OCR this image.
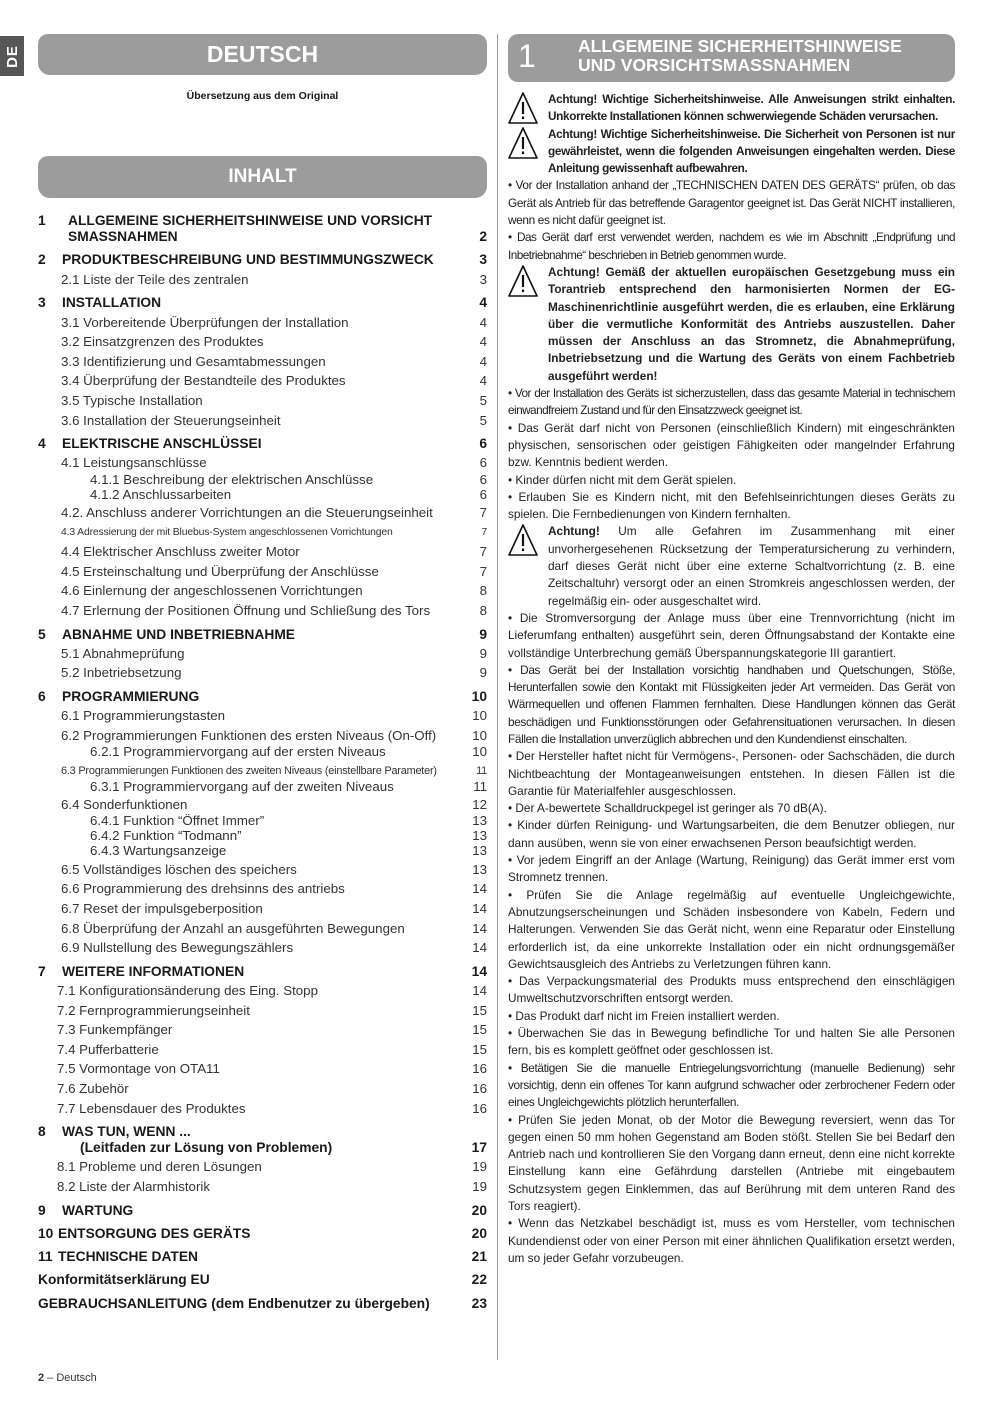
DE	DEUTSCH
Übersetzung aus dem Original
INHALT
1	ALLGEMEINE SICHERHEITSHINWEISE UND VORSICHT SMASSNAHMEN	2
2	PRODUKTBESCHREIBUNG UND BESTIMMUNGSZWECK	3
2.1 Liste der Teile des zentralen	3
3	INSTALLATION	4
3.1 Vorbereitende Überprüfungen der Installation	4
3.2 Einsatzgrenzen des Produktes	4
3.3 Identifizierung und Gesamtabmessungen	4
3.4 Überprüfung der Bestandteile des Produktes	4
3.5 Typische Installation	5
3.6 Installation der Steuerungseinheit	5
4	ELEKTRISCHE ANSCHLÜSSEI	6
4.1 Leistungsanschlüsse	6
4.1.1 Beschreibung der elektrischen Anschlüsse	6
4.1.2 Anschlussarbeiten	6
4.2. Anschluss anderer Vorrichtungen an die Steuerungseinheit	7
4.3 Adressierung der mit Bluebus-System angeschlossenen Vorrichtungen	7
4.4 Elektrischer Anschluss zweiter Motor	7
4.5 Ersteinschaltung und Überprüfung der Anschlüsse	7
4.6 Einlernung der angeschlossenen Vorrichtungen	8
4.7 Erlernung der Positionen Öffnung und Schließung des Tors	8
5	ABNAHME UND INBETRIEBNAHME	9
5.1 Abnahmeprüfung	9
5.2 Inbetriebsetzung	9
6	PROGRAMMIERUNG	10
6.1 Programmierungstasten	10
6.2 Programmierungen Funktionen des ersten Niveaus (On-Off)	10
6.2.1 Programmiervorgang auf der ersten Niveaus	10
6.3 Programmierungen Funktionen des zweiten Niveaus (einstellbare Parameter)	11
6.3.1 Programmiervorgang auf der zweiten Niveaus	11
6.4 Sonderfunktionen	12
6.4.1 Funktion “Öffnet Immer”	13
6.4.2 Funktion “Todmann”	13
6.4.3 Wartungsanzeige	13
6.5 Vollständiges löschen des speichers	13
6.6 Programmierung des drehsinns des antriebs	14
6.7 Reset der impulsgeberposition	14
6.8 Überprüfung der Anzahl an ausgeführten Bewegungen	14
6.9 Nullstellung des Bewegungszählers	14
7	WEITERE INFORMATIONEN	14
7.1 Konfigurationsänderung des Eing. Stopp	14
7.2 Fernprogrammierungseinheit	15
7.3 Funkempfänger	15
7.4 Pufferbatterie	15
7.5 Vormontage von OTA11	16
7.6 Zubehör	16
7.7 Lebensdauer des Produktes	16
8	WAS TUN, WENN ...
(Leitfaden zur Lösung von Problemen)	17
8.1 Probleme und deren Lösungen	19
8.2 Liste der Alarmhistorik	19
9	WARTUNG	20
10 ENTSORGUNG DES GERÄTS	20
11 TECHNISCHE DATEN	21
Konformitätserklärung EU	22
GEBRAUCHSANLEITUNG (dem Endbenutzer zu übergeben)	23
1 ALLGEMEINE SICHERHEITSHINWEISE
UND VORSICHTSMASSNAHMEN

Achtung! Wichtige Sicherheitshinweise. Alle Anweisungen strikt einhalten. Unkorrekte Installationen können schwerwiegende Schäden verursachen.

Achtung! Wichtige Sicherheitshinweise. Die Sicherheit von Personen ist nur gewährleistet, wenn die folgenden Anweisungen eingehalten werden. Diese Anleitung gewissenhaft aufbewahren.

• Vor der Installation anhand der „TECHNISCHEN DATEN DES GERÄTS“ prüfen, ob das Gerät als Antrieb für das betreffende Garagentor geeignet ist. Das Gerät NICHT installieren, wenn es nicht dafür geeignet ist.

• Das Gerät darf erst verwendet werden, nachdem es wie im Abschnitt „Endprüfung und Inbetriebnahme“ beschrieben in Betrieb genommen wurde.

Achtung! Gemäß der aktuellen europäischen Gesetzgebung muss ein Torantrieb entsprechend den harmonisierten Normen der EG-Maschinenrichtlinie ausgeführt werden, die es erlauben, eine Erklärung über die vermutliche Konformität des Antriebs auszustellen. Daher müssen der Anschluss an das Stromnetz, die Abnahmeprüfung, Inbetriebsetzung und die Wartung des Geräts von einem Fachbetrieb ausgeführt werden!

• Vor der Installation des Geräts ist sicherzustellen, dass das gesamte Material in technischem einwandfreiem Zustand und für den Einsatzzweck geeignet ist.

• Das Gerät darf nicht von Personen (einschließlich Kindern) mit eingeschränkten physischen, sensorischen oder geistigen Fähigkeiten oder mangelnder Erfahrung bzw. Kenntnis bedient werden.

• Kinder dürfen nicht mit dem Gerät spielen.

• Erlauben Sie es Kindern nicht, mit den Befehlseinrichtungen dieses Geräts zu spielen. Die Fernbedienungen von Kindern fernhalten.

Achtung! Um alle Gefahren im Zusammenhang mit einer unvorhergesehenen Rücksetzung der Temperatursicherung zu verhindern, darf dieses Gerät nicht über eine externe Schaltvorrichtung (z. B. eine Zeitschaltuhr) versorgt oder an einen Stromkreis angeschlossen werden, der regelmäßig ein- oder ausgeschaltet wird.

• Die Stromversorgung der Anlage muss über eine Trennvorrichtung (nicht im Lieferumfang enthalten) ausgeführt sein, deren Öffnungsabstand der Kontakte eine vollständige Unterbrechung gemäß Überspannungskategorie III garantiert.

• Das Gerät bei der Installation vorsichtig handhaben und Quetschungen, Stöße, Herunterfallen sowie den Kontakt mit Flüssigkeiten jeder Art vermeiden. Das Gerät von Wärmequellen und offenen Flammen fernhalten. Diese Handlungen können das Gerät beschädigen und Funktionsstörungen oder Gefahrensituationen verursachen. In diesen Fällen die Installation unverzüglich abbrechen und den Kundendienst einschalten.

• Der Hersteller haftet nicht für Vermögens-, Personen- oder Sachschäden, die durch Nichtbeachtung der Montageanweisungen entstehen. In diesen Fällen ist die Garantie für Materialfehler ausgeschlossen.

• Der A-bewertete Schalldruckpegel ist geringer als 70 dB(A).

• Kinder dürfen Reinigung- und Wartungsarbeiten, die dem Benutzer obliegen, nur dann ausüben, wenn sie von einer erwachsenen Person beaufsichtigt werden.

• Vor jedem Eingriff an der Anlage (Wartung, Reinigung) das Gerät immer erst vom Stromnetz trennen.

• Prüfen Sie die Anlage regelmäßig auf eventuelle Ungleichgewichte, Abnutzungserscheinungen und Schäden insbesondere von Kabeln, Federn und Halterungen. Verwenden Sie das Gerät nicht, wenn eine Reparatur oder Einstellung erforderlich ist, da eine unkorrekte Installation oder ein nicht ordnungsgemäßer Gewichtsausgleich des Antriebs zu Verletzungen führen kann.

• Das Verpackungsmaterial des Produkts muss entsprechend den einschlägigen Umweltschutzvorschriften entsorgt werden.

• Das Produkt darf nicht im Freien installiert werden.

• Überwachen Sie das in Bewegung befindliche Tor und halten Sie alle Personen fern, bis es komplett geöffnet oder geschlossen ist.

• Betätigen Sie die manuelle Entriegelungsvorrichtung (manuelle Bedienung) sehr vorsichtig, denn ein offenes Tor kann aufgrund schwacher oder zerbrochener Federn oder eines Ungleichgewichts plötzlich herunterfallen.

• Prüfen Sie jeden Monat, ob der Motor die Bewegung reversiert, wenn das Tor gegen einen 50 mm hohen Gegenstand am Boden stößt. Stellen Sie bei Bedarf den Antrieb nach und kontrollieren Sie den Vorgang dann erneut, denn eine nicht korrekte Einstellung kann eine Gefährdung darstellen (Antriebe mit eingebautem Schutzsystem gegen Einklemmen, das auf Berührung mit dem unteren Rand des Tors reagiert).

• Wenn das Netzkabel beschädigt ist, muss es vom Hersteller, vom technischen Kundendienst oder von einer Person mit einer ähnlichen Qualifikation ersetzt werden, um so jeder Gefahr vorzubeugen.

2 – Deutsch
